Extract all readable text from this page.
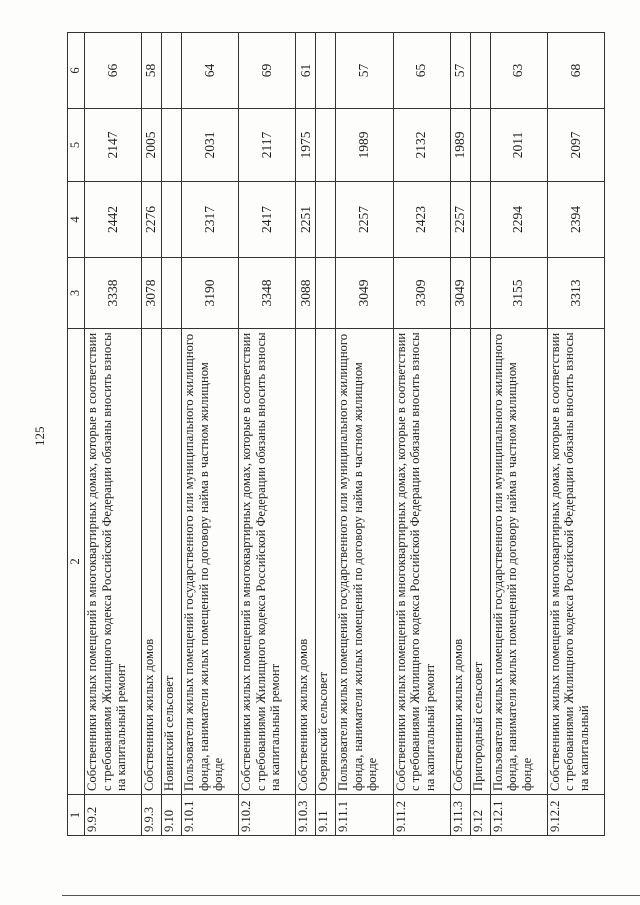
125
1	2	3	4	5	6
9.9.2	Собственники жилых помещений в многоквартирных домах, которые в соответствии с требованиями Жилищного кодекса Российской Федерации обязаны вносить взносы на капитальный ремонт	3338	2442	2147	66
9.9.3	Собственники жилых домов	3078	2276	2005	58
9.10	Новинский сельсовет				
9.10.1	Пользователи жилых помещений государственного или муниципального жилищного фонда, наниматели жилых помещений по договору найма в частном жилищном фонде	3190	2317	2031	64
9.10.2	Собственники жилых помещений в многоквартирных домах, которые в соответствии с требованиями Жилищного кодекса Российской Федерации обязаны вносить взносы на капитальный ремонт	3348	2417	2117	69
9.10.3	Собственники жилых домов	3088	2251	1975	61
9.11	Озерянский сельсовет				
9.11.1	Пользователи жилых помещений государственного или муниципального жилищного фонда, наниматели жилых помещений по договору найма в частном жилищном фонде	3049	2257	1989	57
9.11.2	Собственники жилых помещений в многоквартирных домах, которые в соответствии с требованиями Жилищного кодекса Российской Федерации обязаны вносить взносы на капитальный ремонт	3309	2423	2132	65
9.11.3	Собственники жилых домов	3049	2257	1989	57
9.12	Пригородный сельсовет				
9.12.1	Пользователи жилых помещений государственного или муниципального жилищного фонда, наниматели жилых помещений по договору найма в частном жилищном фонде	3155	2294	2011	63
9.12.2	Собственники жилых помещений в многоквартирных домах, которые в соответствии с требованиями Жилищного кодекса Российской Федерации обязаны вносить взносы на капитальный	3313	2394	2097	68
